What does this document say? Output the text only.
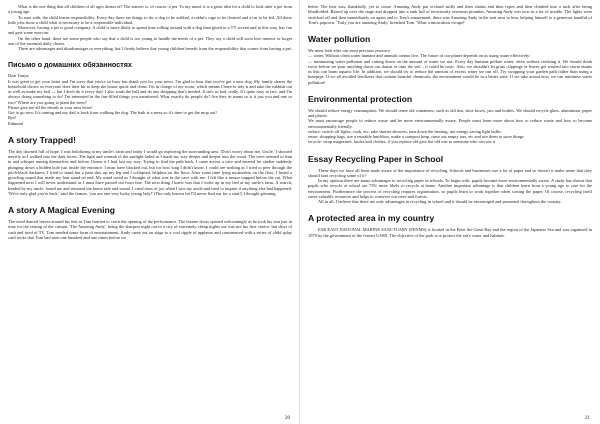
What is the one thing that all children of all ages dream of? The answer is, of course, a pet. To my mind, it is a great idea for a child to look after a pet from a young age.

To start with, the child learns responsibility. Every day there are things to do: a dog to be walked, a rabbit's cage to be cleaned and a cat to be fed. All these little jobs show a child what is necessary to be a responsible individual.

Moreover, having a pet is good company. A child is more likely to spend time rolling around with a dog than glued to a TV screen and in this way, has fun and gets some exercise.

On the other hand, there are some people who say that a child is too young to handle the needs of a pet. They say a child will soon lose interest or forget one of the essential daily chores.

There are advantages and disadvantages to everything, but I firmly believe that young children benefit from the responsibility that comes from having a pet.

Письмо о домашних обязанностях

Dear Tanya,

It was great to get your letter and I'm sorry that you're so busy but thank you for your news. I'm glad to hear that you've got a new dog. My family shares the household chores so everyone does their bit to keep the house quick and clean. I'm in charge of my room, which means I have to tidy it and take the rubbish out as well as make my bed — but I don't do it every day! I also wash the ball and do any shopping that's needed. It isn't so bad, really. It's quite easy in fact, and I'm always doing something to do! I'm interested in the fun-filled things you mentioned. What exactly do people do? Are they in teams or is it just you and one or two? Where are you going to plant the trees?

Please give me all the details in your next letter!

Got to go now. It's raining and my dad is back from walking the dog. The bath is a mess so it's time to get the mop out!

Bye!

Edmund

A story Trapped!

The day dawned full of hope. I was holidaying at my uncle's farm and today I would go exploring the surrounding area. 'Don't worry about me, Uncle,' I shouted merrily as I walked into the dark forest. The light and warmth of the sunlight faded as I made my way deeper and deeper into the wood. The trees seemed to lean in and whisper among themselves and before I knew it I had lost my way. Trying to find the path back, I came across a cave and entered for shelter suddenly plunging down a hidden hole just inside the entrance. I must have blacked out, but for how long I didn't know. I could see nothing as I tried to peer through the pitch-black darkness. I tried to stand but a pain shot up my leg and I collapsed, helpless on the floor. After some time lying motionless on the floor, I heard a growling sound that made my hair stand on end. My mind raced as I thought of what was in the cave with me. I felt like a mouse trapped before the cat. What happened next I will never understand as I must have passed out from fear. The next thing I knew was that I woke up in my bed at my uncle's farm. A search, headed by my uncle, found me and returned me home safe and sound. I cried tears of joy when I saw my uncle and tried to inquire if anything else had happened. 'We're only glad you're back,' said the farmer, 'you are one very lucky young lady!' (The only known bit I'll never find out for a start!) I thought grinning.

A story A Magical Evening

The wind danced leaves around his feet as Tom hurried to catch the opening of the performance. The theatre doors opened welcomingly as he took his seat just in time for the raising of the curtain. 'The Amazing Andy', being the sharpest night out in a city of extremely cheap nights out was not his first choice, but short of cash and tired of TV, Tom needed some form of entertainment. Andy came out on stage to a cool ripple of applause and commenced with a series of child splay card tricks that Tom had seen one hundred and one times before on

20

better. The best was, thankfully, yet to come. Amazing Andy put orchard sniffs and then chains and then ropes and then climbed into a sack after being blindfolded. Raised up over the stage and dropped into a tank full of ferociously ravenous piranhas. Amazing Andy was now in a lot of trouble. The lights were switched off and then immediately on again and to Tom's amazement, there was Amazing Andy in the seat next to him, helping himself to a generous handful of Tom's popcorn. 'Truly you are amazing Andy,' breathed Tom. 'What a miraculous escape!'

Water pollution

We must look after our most precious resource

— water. Without clean water humans and animals cannot live. The future of our planet depends on us using water effectively:

— minimising water pollution and cutting down on the amount of water we use. Every day humans pollute water, often without realising it. We should think twice before we pour anything down our drains or onto the soil – it could be toxic. Also, we shouldn't let grass clippings or leaves get washed into storm drains as this can harm aquatic life. In addition, we should try to reduce the amount of excess water we run off. Try swapping your garden path rather than using a hosepipe. If we all avoided fertilizers that contain harmful chemicals, the environment would be in a better state. If we take action now, we can minimise water pollution!

Environmental protection

We should reduce energy consumption. We should reuse old containers, such as old tins, shoe boxes, jars and bottles. We should recycle glass, aluminium, paper and plastic.

We must encourage people to reduce waste and be more environmentally aware. People must learn more about how to reduce waste and how to become environmentally friendly.

reduce: switch off lights, cook, etc, take shorter showers, turn down the heating, use energy saving light bulbs.

reuse: shopping bags, use a reusable lunchbox, make a compost heap, rinse out empty jars, etc and use them to store things

recycle: swap magazines, books and clothes, if you replace old give the old one to someone who can use it

Essay Recycling Paper in School

These days we have all been made aware of the importance of recycling. Schools and businesses use a lot of paper and so doesn't it make sense that they should start recycling some of it?

In my opinion there are many advantages to recycling paper in schools. To begin with, pupils become more environmentally aware. A study has shown that pupils who recycle at school are 75% more likely to recycle at home. Another important advantage is that children learn from a young age to care for the environment. Furthermore the process of recycling requires organisation, so pupils learn to work together when sorting the paper. Of course, recycling itself saves valuable resources and helps to conserve our trees and forests.

All in all, I believe that there are only advantages in recycling in school and it should be encouraged and promoted throughout the country.

A protected area in my country

FAR EAST NATIONAL MARINE SANCTUARY (FENMS) is located in the Peter the Great Bay and the region of the Japanese Sea and was organised in 1978 by the government of the former USSR. The objective of the park is to protect the sea's water and habitats.

21
